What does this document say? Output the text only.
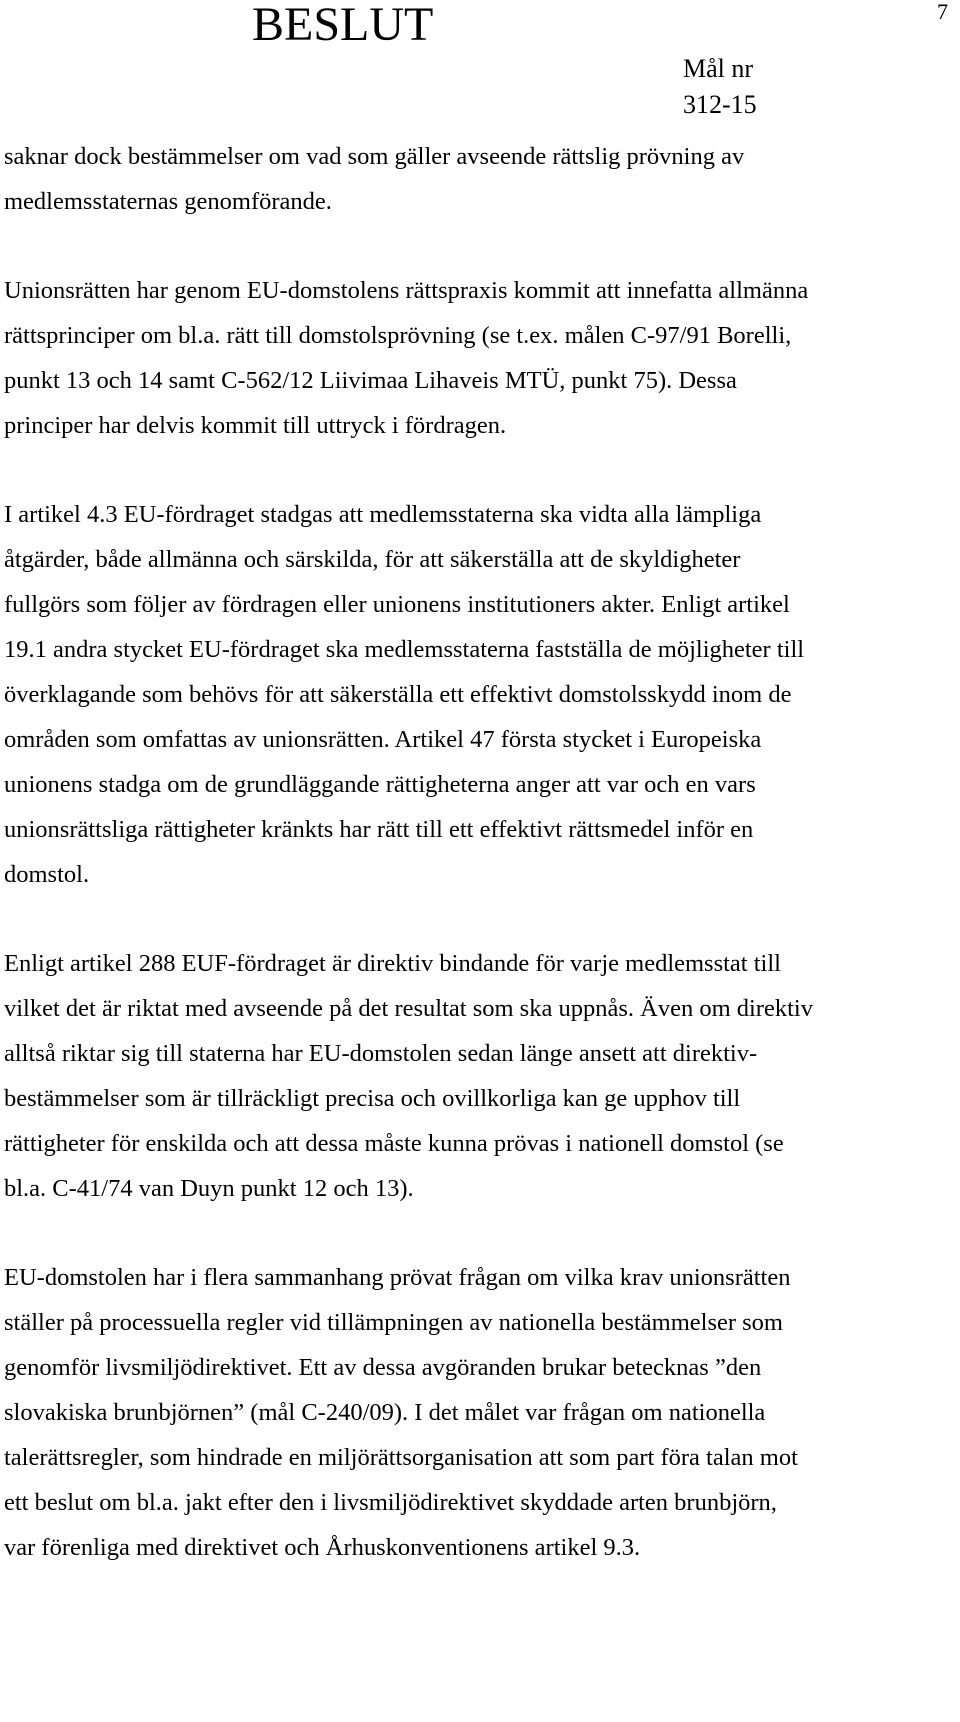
BESLUT	7
Mål nr
312-15
saknar dock bestämmelser om vad som gäller avseende rättslig prövning av
medlemsstaternas genomförande.
Unionsrätten har genom EU-domstolens rättspraxis kommit att innefatta allmänna
rättsprinciper om bl.a. rätt till domstolsprövning (se t.ex. målen C-97/91 Borelli,
punkt 13 och 14 samt C-562/12 Liivimaa Lihaveis MTÜ, punkt 75). Dessa
principer har delvis kommit till uttryck i fördragen.
I artikel 4.3 EU-fördraget stadgas att medlemsstaterna ska vidta alla lämpliga
åtgärder, både allmänna och särskilda, för att säkerställa att de skyldigheter
fullgörs som följer av fördragen eller unionens institutioners akter. Enligt artikel
19.1 andra stycket EU-fördraget ska medlemsstaterna fastställa de möjligheter till
överklagande som behövs för att säkerställa ett effektivt domstolsskydd inom de
områden som omfattas av unionsrätten. Artikel 47 första stycket i Europeiska
unionens stadga om de grundläggande rättigheterna anger att var och en vars
unionsrättsliga rättigheter kränkts har rätt till ett effektivt rättsmedel inför en
domstol.
Enligt artikel 288 EUF-fördraget är direktiv bindande för varje medlemsstat till
vilket det är riktat med avseende på det resultat som ska uppnås. Även om direktiv
alltså riktar sig till staterna har EU-domstolen sedan länge ansett att direktiv-
bestämmelser som är tillräckligt precisa och ovillkorliga kan ge upphov till
rättigheter för enskilda och att dessa måste kunna prövas i nationell domstol (se
bl.a. C-41/74 van Duyn punkt 12 och 13).
EU-domstolen har i flera sammanhang prövat frågan om vilka krav unionsrätten
ställer på processuella regler vid tillämpningen av nationella bestämmelser som
genomför livsmiljödirektivet. Ett av dessa avgöranden brukar betecknas ”den
slovakiska brunbjörnen” (mål C-240/09). I det målet var frågan om nationella
talerättsregler, som hindrade en miljörättsorganisation att som part föra talan mot
ett beslut om bl.a. jakt efter den i livsmiljödirektivet skyddade arten brunbjörn,
var förenliga med direktivet och Århuskonventionens artikel 9.3.
